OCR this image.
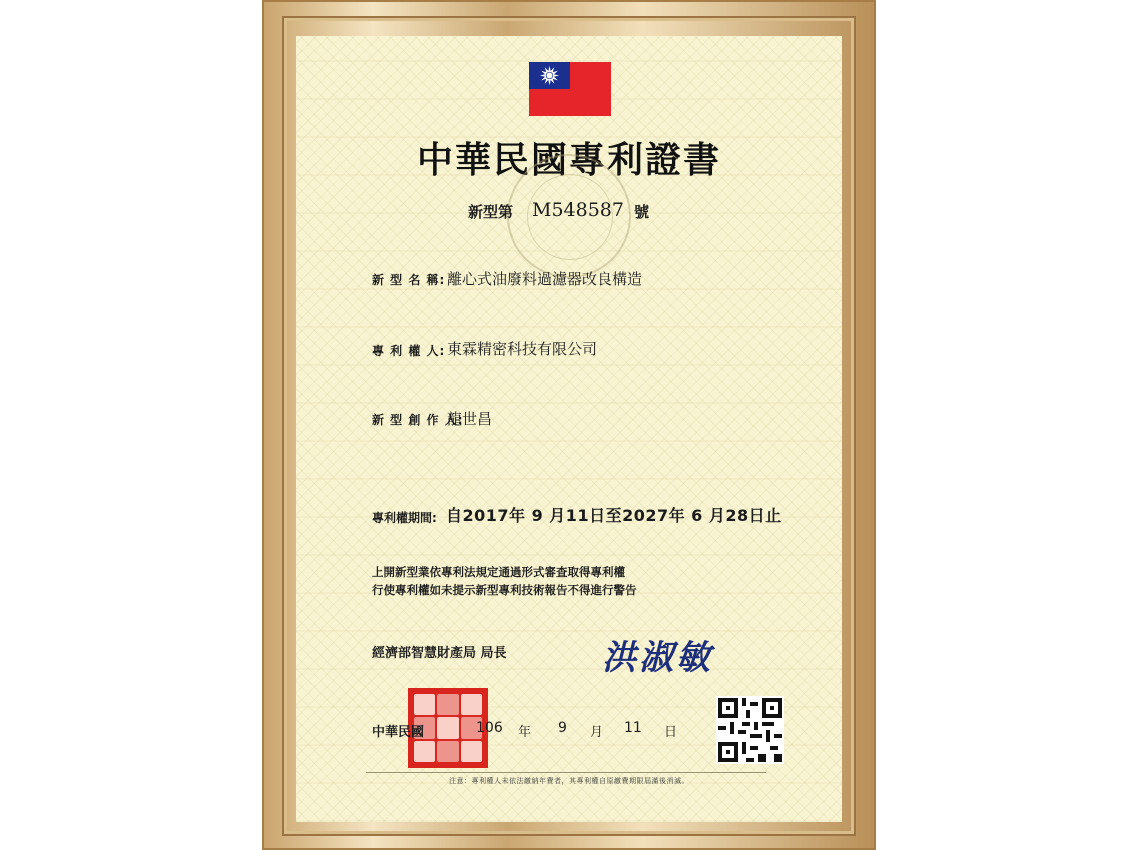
中華民國專利證書
新型第 M548587 號
新 型 名 稱: 離心式油廢料過濾器改良構造
專 利 權 人: 東霖精密科技有限公司
新 型 創 作 人:
龍世昌
專利權期間: 自2017年 9 月11日至2027年 6 月28日止
上開新型業依專利法規定通過形式審查取得專利權
行使專利權如未提示新型專利技術報告不得進行警告
經濟部智慧財產局 局長	洪淑敏
中華民國	106 年 9 月 11 日
注意：專利權人未依法繳納年費者，其專利權自原繳費期限屆滿後消滅。
